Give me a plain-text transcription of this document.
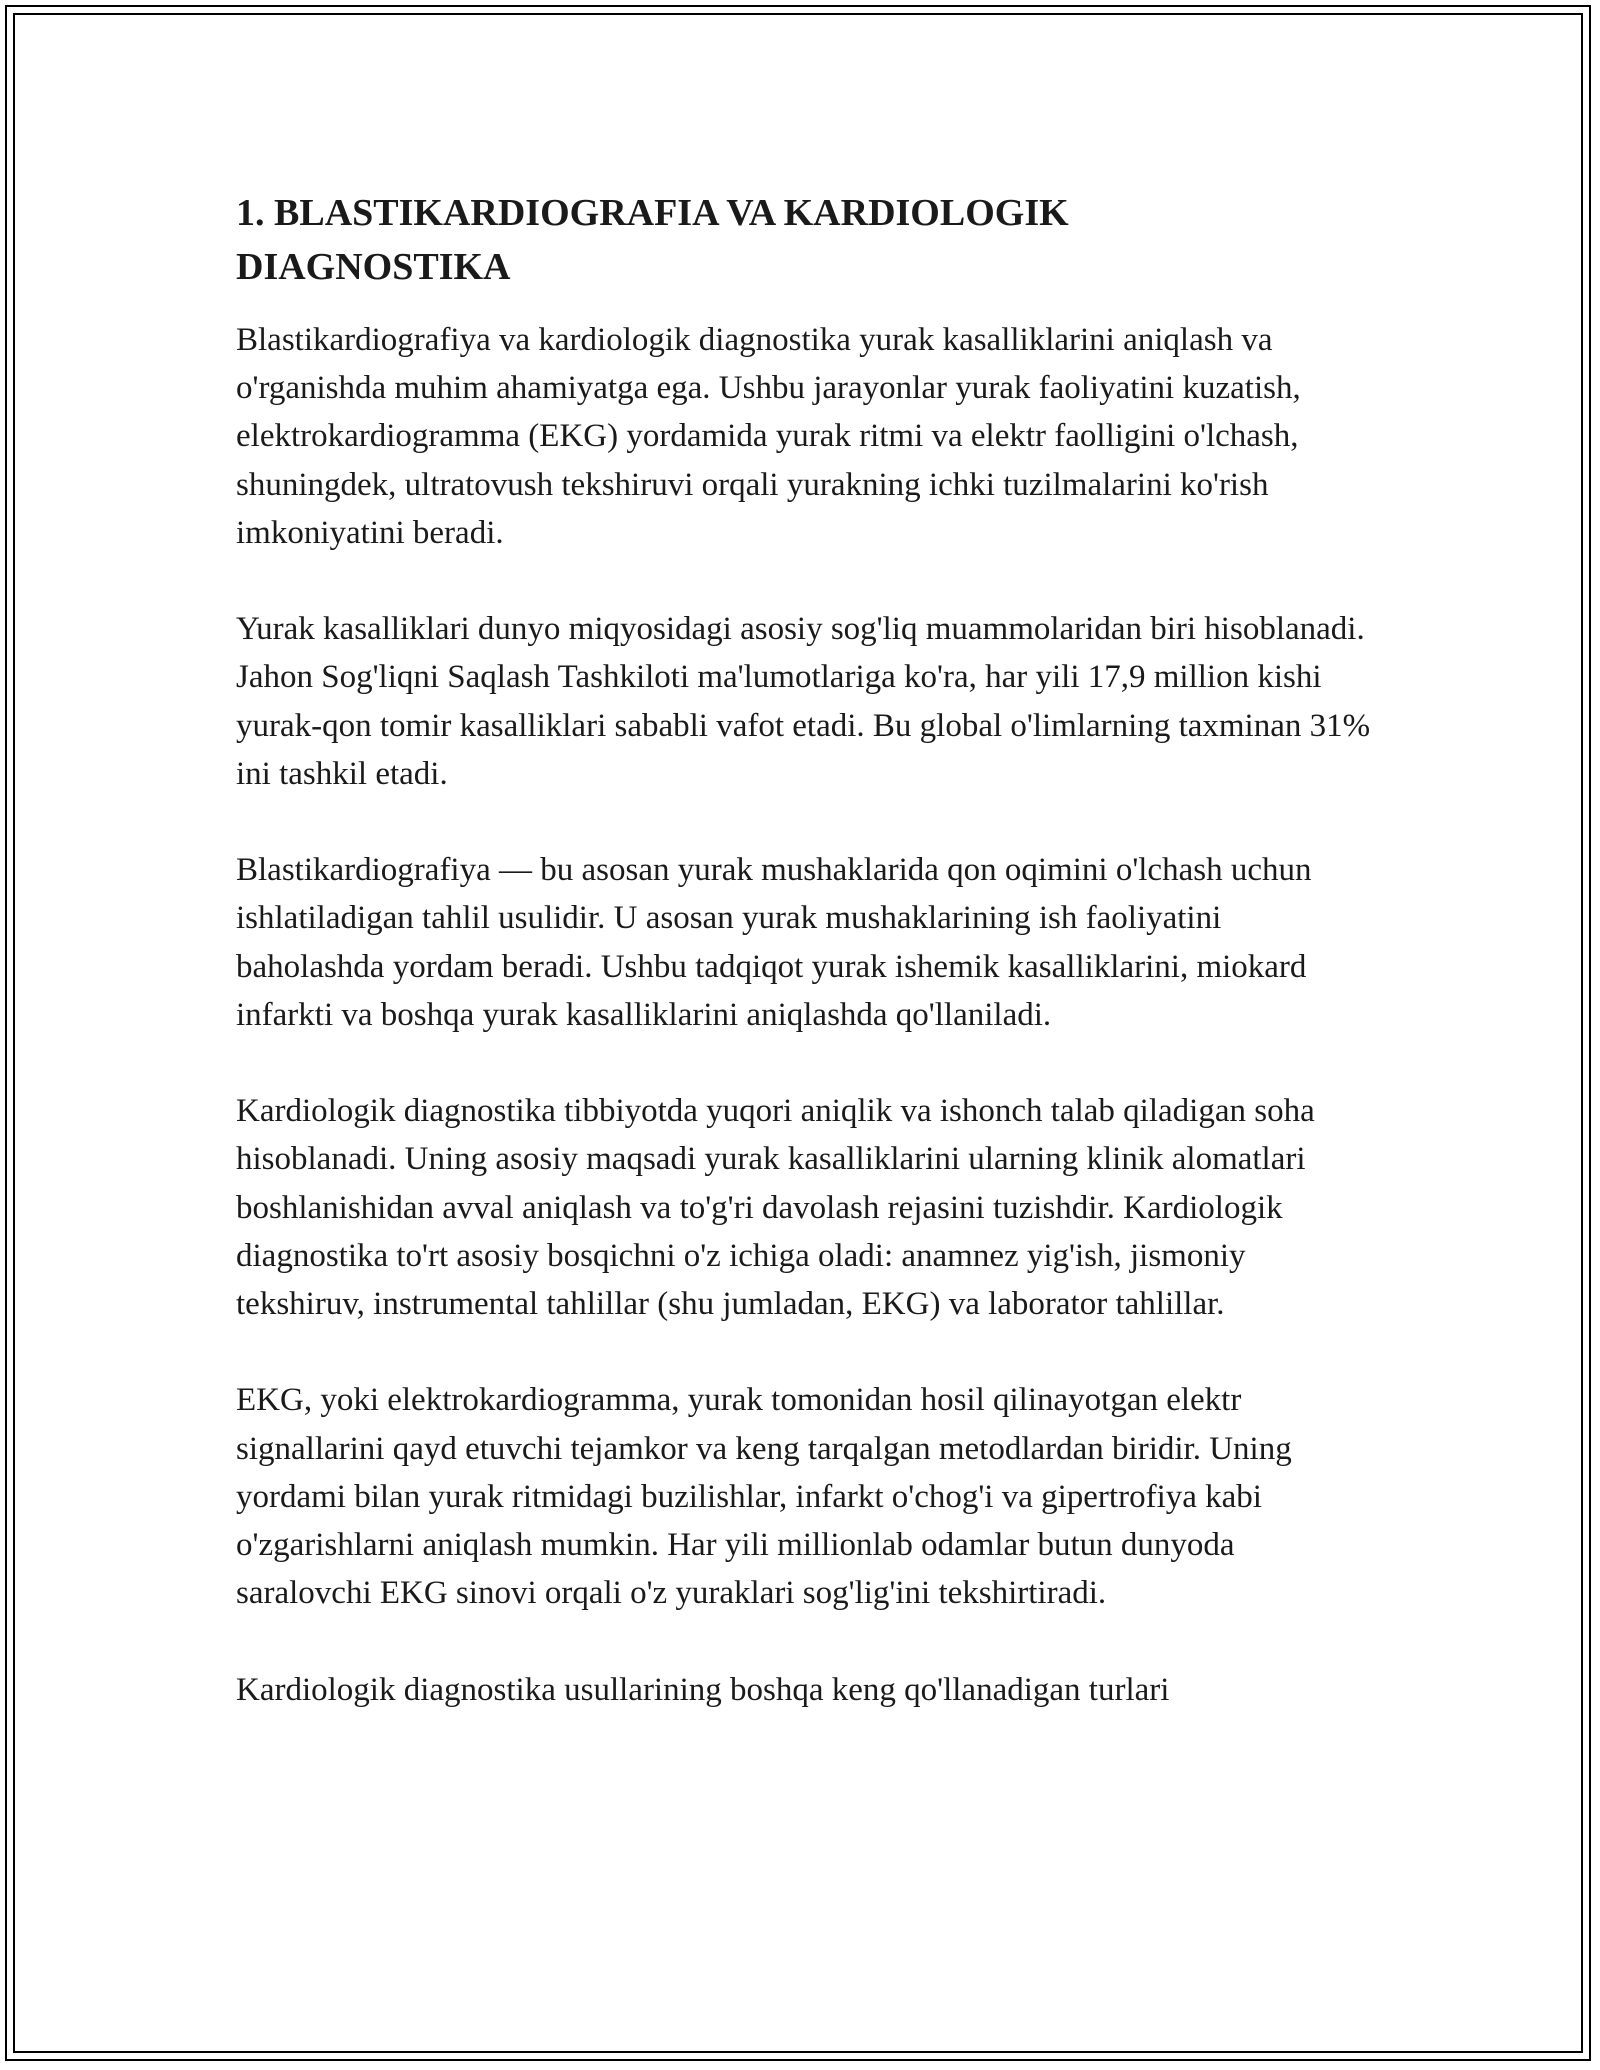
1. BLASTIKARDIOGRAFIA VA KARDIOLOGIK DIAGNOSTIKA

Blastikardiografiya va kardiologik diagnostika yurak kasalliklarini aniqlash va o'rganishda muhim ahamiyatga ega. Ushbu jarayonlar yurak faoliyatini kuzatish, elektrokardiogramma (EKG) yordamida yurak ritmi va elektr faolligini o'lchash, shuningdek, ultratovush tekshiruvi orqali yurakning ichki tuzilmalarini ko'rish imkoniyatini beradi.

Yurak kasalliklari dunyo miqyosidagi asosiy sog'liq muammolaridan biri hisoblanadi. Jahon Sog'liqni Saqlash Tashkiloti ma'lumotlariga ko'ra, har yili 17,9 million kishi yurak-qon tomir kasalliklari sababli vafot etadi. Bu global o'limlarning taxminan 31% ini tashkil etadi.

Blastikardiografiya — bu asosan yurak mushaklarida qon oqimini o'lchash uchun ishlatiladigan tahlil usulidir. U asosan yurak mushaklarining ish faoliyatini baholashda yordam beradi. Ushbu tadqiqot yurak ishemik kasalliklarini, miokard infarkti va boshqa yurak kasalliklarini aniqlashda qo'llaniladi.

Kardiologik diagnostika tibbiyotda yuqori aniqlik va ishonch talab qiladigan soha hisoblanadi. Uning asosiy maqsadi yurak kasalliklarini ularning klinik alomatlari boshlanishidan avval aniqlash va to'g'ri davolash rejasini tuzishdir. Kardiologik diagnostika to'rt asosiy bosqichni o'z ichiga oladi: anamnez yig'ish, jismoniy tekshiruv, instrumental tahlillar (shu jumladan, EKG) va laborator tahlillar.

EKG, yoki elektrokardiogramma, yurak tomonidan hosil qilinayotgan elektr signallarini qayd etuvchi tejamkor va keng tarqalgan metodlardan biridir. Uning yordami bilan yurak ritmidagi buzilishlar, infarkt o'chog'i va gipertrofiya kabi o'zgarishlarni aniqlash mumkin. Har yili millionlab odamlar butun dunyoda saralovchi EKG sinovi orqali o'z yuraklari sog'lig'ini tekshirtiradi.

Kardiologik diagnostika usullarining boshqa keng qo'llanadigan turlari
